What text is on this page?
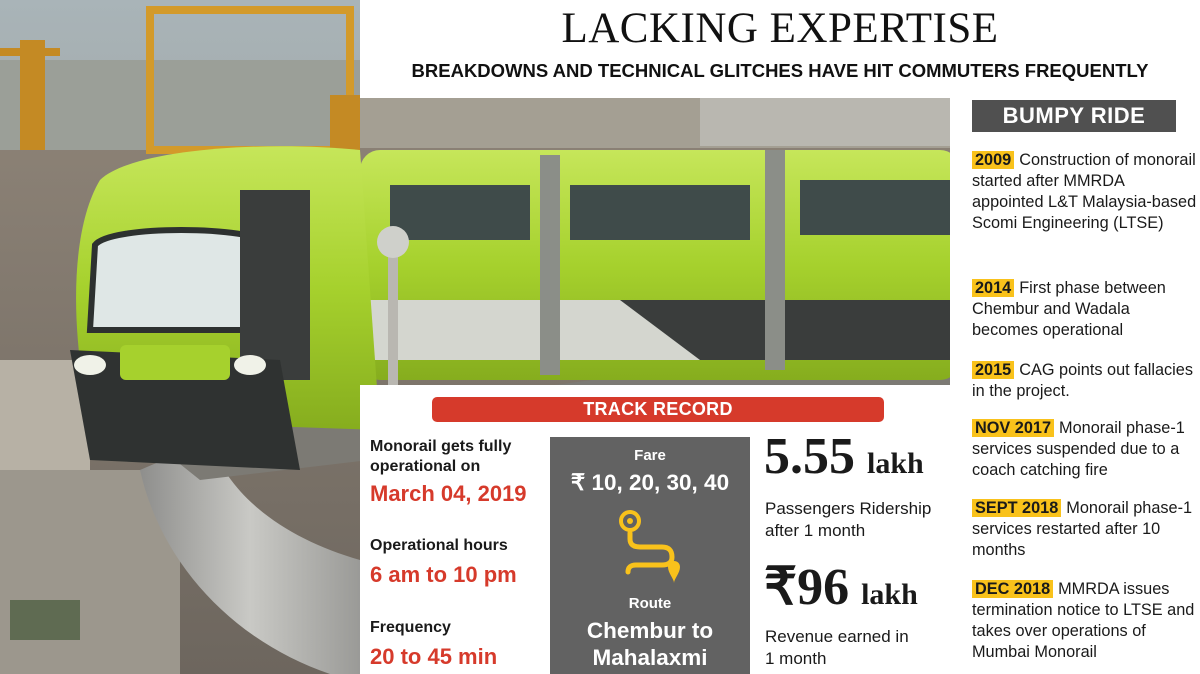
LACKING EXPERTISE
BREAKDOWNS AND TECHNICAL GLITCHES HAVE HIT COMMUTERS FREQUENTLY
BUMPY RIDE
2009 Construction of monorail started after MMRDA appointed L&T Malaysia-based Scomi Engineering (LTSE)
2014 First phase between Chembur and Wadala becomes operational
2015 CAG points out fallacies in the project.
NOV 2017 Monorail phase-1 services suspended due to a coach catching fire
SEPT 2018 Monorail phase-1 services restarted after 10 months
DEC 2018 MMRDA issues termination notice to LTSE and takes over operations of Mumbai Monorail
TRACK RECORD
Monorail gets fully operational on
March 04, 2019
Operational hours
6 am to 10 pm
Frequency
20 to 45 min
Fare
₹ 10, 20, 30, 40
Route
Chembur to Mahalaxmi
5.55 lakh
Passengers Ridership after 1 month
₹96 lakh
Revenue earned in 1 month
